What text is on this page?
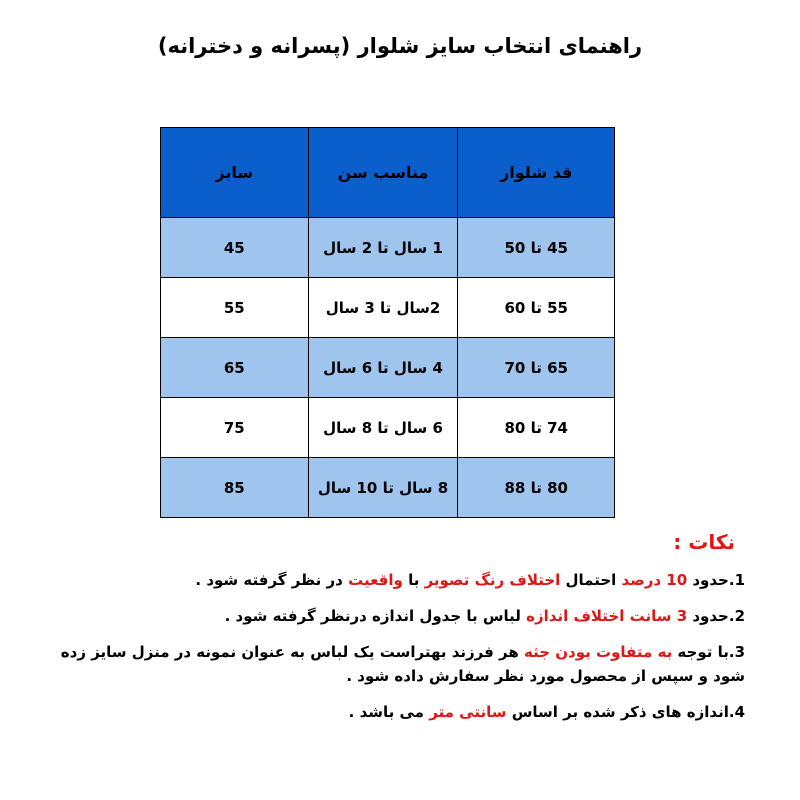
راهنمای انتخاب سایز شلوار (پسرانه و دخترانه)
قد شلوار	مناسب سن	سایز
45 تا 50	1 سال تا 2 سال	45
55 تا 60	2سال تا 3 سال	55
65 تا 70	4 سال تا 6 سال	65
74 تا 80	6 سال تا 8 سال	75
80 تا 88	8 سال تا 10 سال	85
نکات :
1.حدود 10 درصد احتمال اختلاف رنگ تصویر با واقعیت در نظر گرفته شود .
2.حدود 3 سانت اختلاف اندازه لباس با جدول اندازه درنظر گرفته شود .
3.با توجه به متفاوت بودن جثه هر فرزند بهتراست یک لباس به عنوان نمونه در منزل سایز زده شود و سپس از محصول مورد نظر سفارش داده شود .
4.اندازه های ذکر شده بر اساس سانتی متر می باشد .
